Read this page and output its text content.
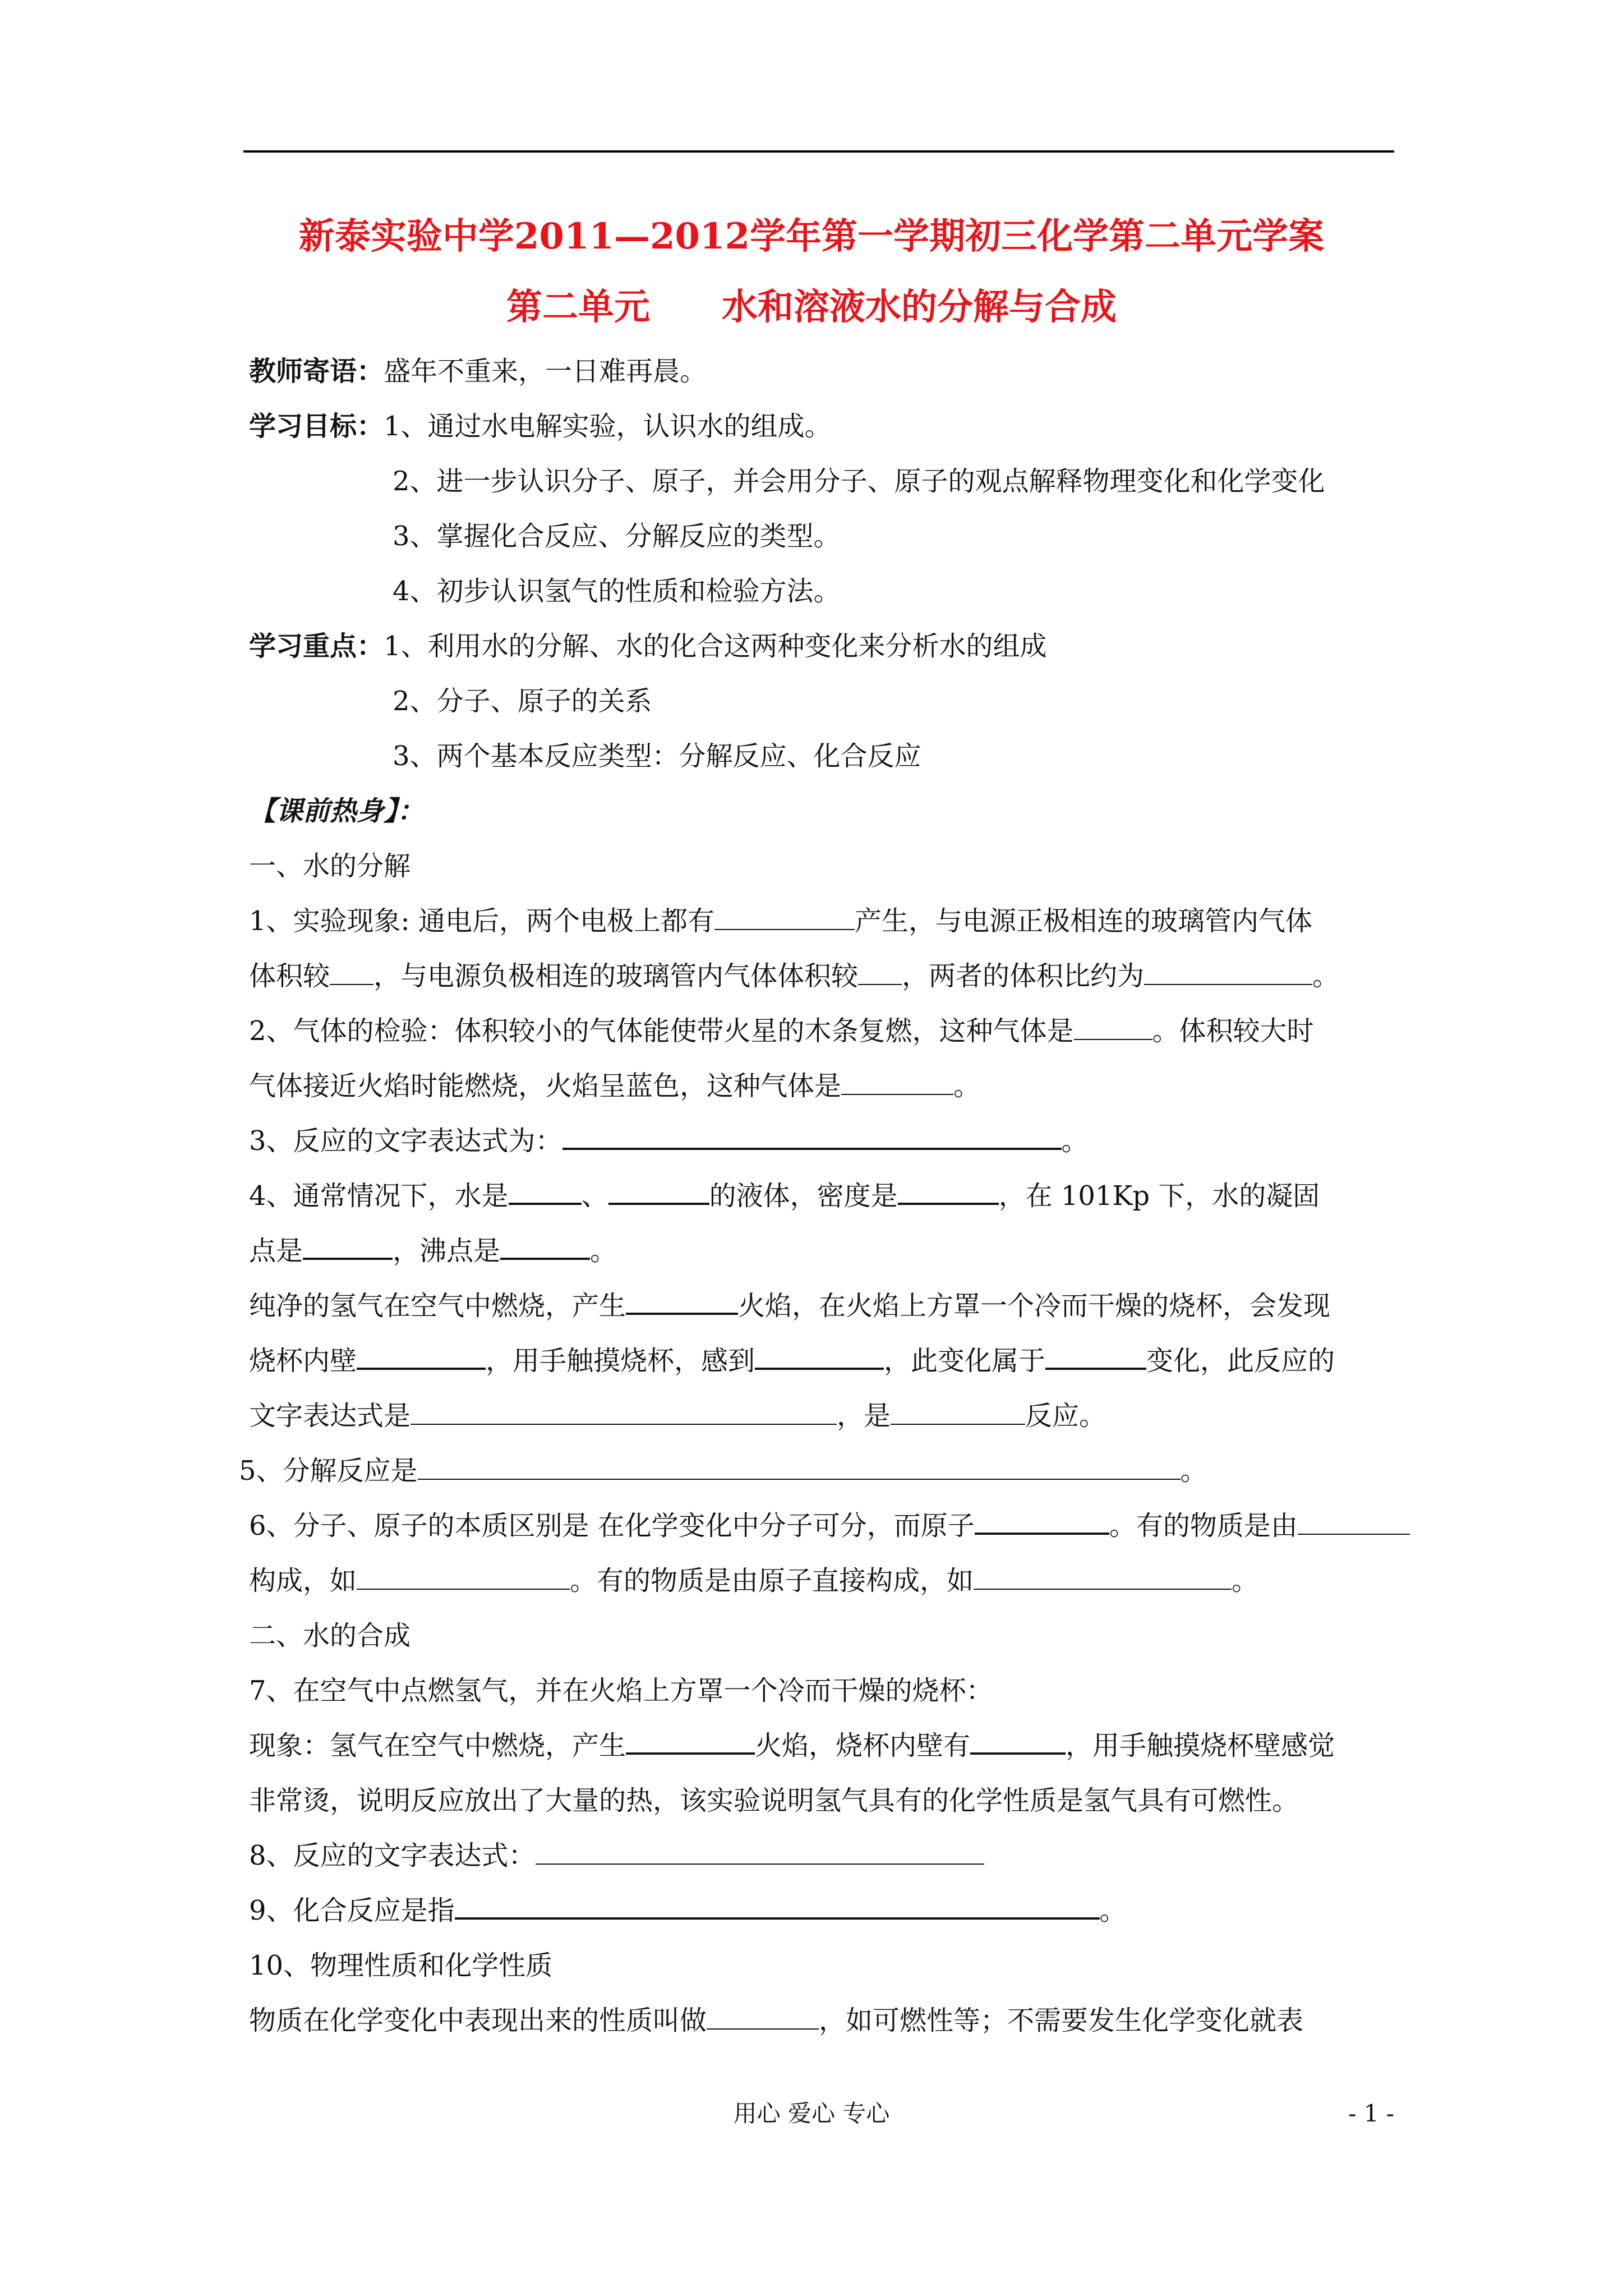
新泰实验中学2011—2012学年第一学期初三化学第二单元学案
第二单元　　水和溶液水的分解与合成
教师寄语：盛年不重来，一日难再晨。
学习目标：1、通过水电解实验，认识水的组成。
2、进一步认识分子、原子，并会用分子、原子的观点解释物理变化和化学变化
3、掌握化合反应、分解反应的类型。
4、初步认识氢气的性质和检验方法。
学习重点：1、利用水的分解、水的化合这两种变化来分析水的组成
2、分子、原子的关系
3、两个基本反应类型：分解反应、化合反应
【课前热身】：
一、水的分解
1、实验现象: 通电后，两个电极上都有	产生，与电源正极相连的玻璃管内气体
体积较 ，与电源负极相连的玻璃管内气体体积较 ，两者的体积比约为	。
2、气体的检验：体积较小的气体能使带火星的木条复燃，这种气体是	。体积较大时
气体接近火焰时能燃烧，火焰呈蓝色，这种气体是	。
3、反应的文字表达式为：	。
4、通常情况下，水是	、	的液体，密度是	，在 101Kp 下，水的凝固
点是	，沸点是	。
纯净的氢气在空气中燃烧，产生	火焰，在火焰上方罩一个冷而干燥的烧杯，会发现
烧杯内壁	，用手触摸烧杯，感到	，此变化属于	变化，此反应的
文字表达式是	，是	反应。
5、分解反应是	。
6、分子、原子的本质区别是 在化学变化中分子可分，而原子	。有的物质是由
构成，如	。有的物质是由原子直接构成，如	。
二、水的合成
7、在空气中点燃氢气，并在火焰上方罩一个冷而干燥的烧杯：
现象：氢气在空气中燃烧，产生	火焰，烧杯内壁有	，用手触摸烧杯壁感觉
非常烫，说明反应放出了大量的热，该实验说明氢气具有的化学性质是氢气具有可燃性。
8、反应的文字表达式：
9、化合反应是指	。
10、物理性质和化学性质
物质在化学变化中表现出来的性质叫做	，如可燃性等；不需要发生化学变化就表
用心 爱心 专心	- 1 -
